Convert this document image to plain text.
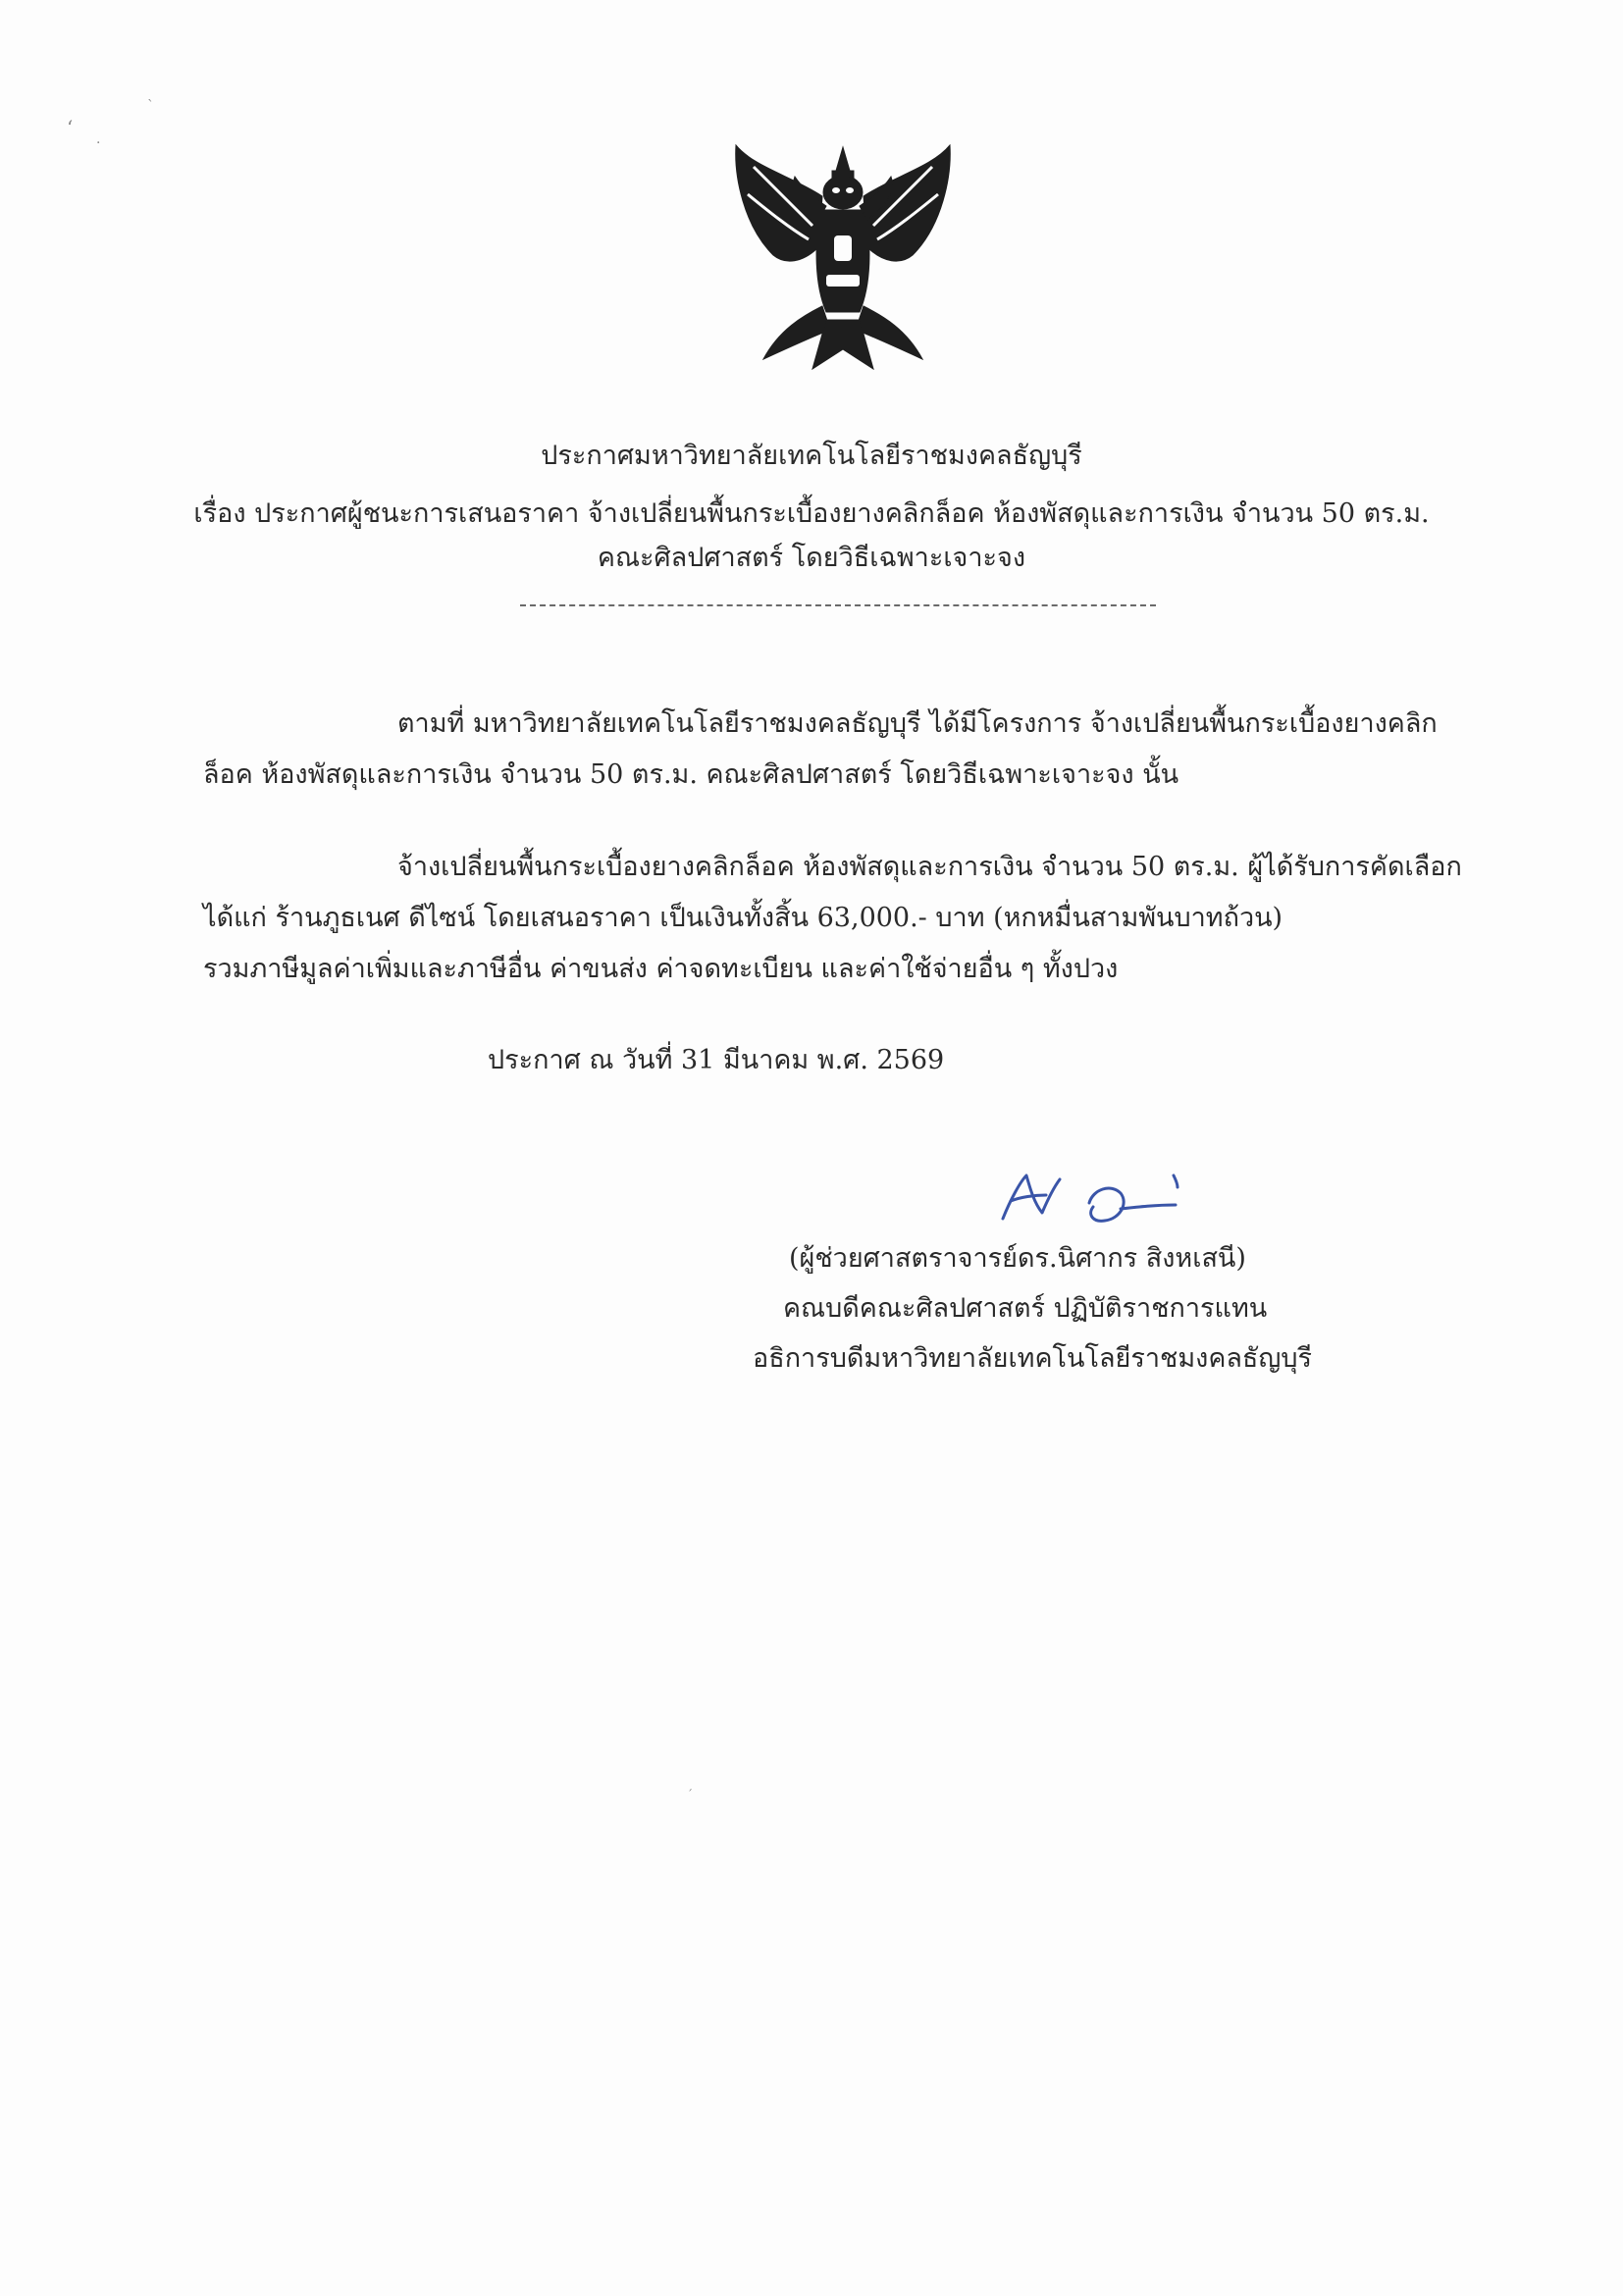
ʻ
·
ˋ
ประกาศมหาวิทยาลัยเทคโนโลยีราชมงคลธัญบุรี
เรื่อง ประกาศผู้ชนะการเสนอราคา จ้างเปลี่ยนพื้นกระเบื้องยางคลิกล็อค ห้องพัสดุและการเงิน จำนวน 50 ตร.ม.
คณะศิลปศาสตร์ โดยวิธีเฉพาะเจาะจง
ตามที่ มหาวิทยาลัยเทคโนโลยีราชมงคลธัญบุรี ได้มีโครงการ จ้างเปลี่ยนพื้นกระเบื้องยางคลิก
ล็อค ห้องพัสดุและการเงิน จำนวน 50 ตร.ม. คณะศิลปศาสตร์ โดยวิธีเฉพาะเจาะจง นั้น
จ้างเปลี่ยนพื้นกระเบื้องยางคลิกล็อค ห้องพัสดุและการเงิน จำนวน 50 ตร.ม. ผู้ได้รับการคัดเลือก
ได้แก่ ร้านภูธเนศ ดีไซน์ โดยเสนอราคา เป็นเงินทั้งสิ้น 63,000.- บาท (หกหมื่นสามพันบาทถ้วน)
รวมภาษีมูลค่าเพิ่มและภาษีอื่น ค่าขนส่ง ค่าจดทะเบียน และค่าใช้จ่ายอื่น ๆ ทั้งปวง
ประกาศ ณ วันที่ 31 มีนาคม พ.ศ. 2569
(ผู้ช่วยศาสตราจารย์ดร.นิศากร สิงหเสนี)
คณบดีคณะศิลปศาสตร์ ปฏิบัติราชการแทน
อธิการบดีมหาวิทยาลัยเทคโนโลยีราชมงคลธัญบุรี
ˊ
